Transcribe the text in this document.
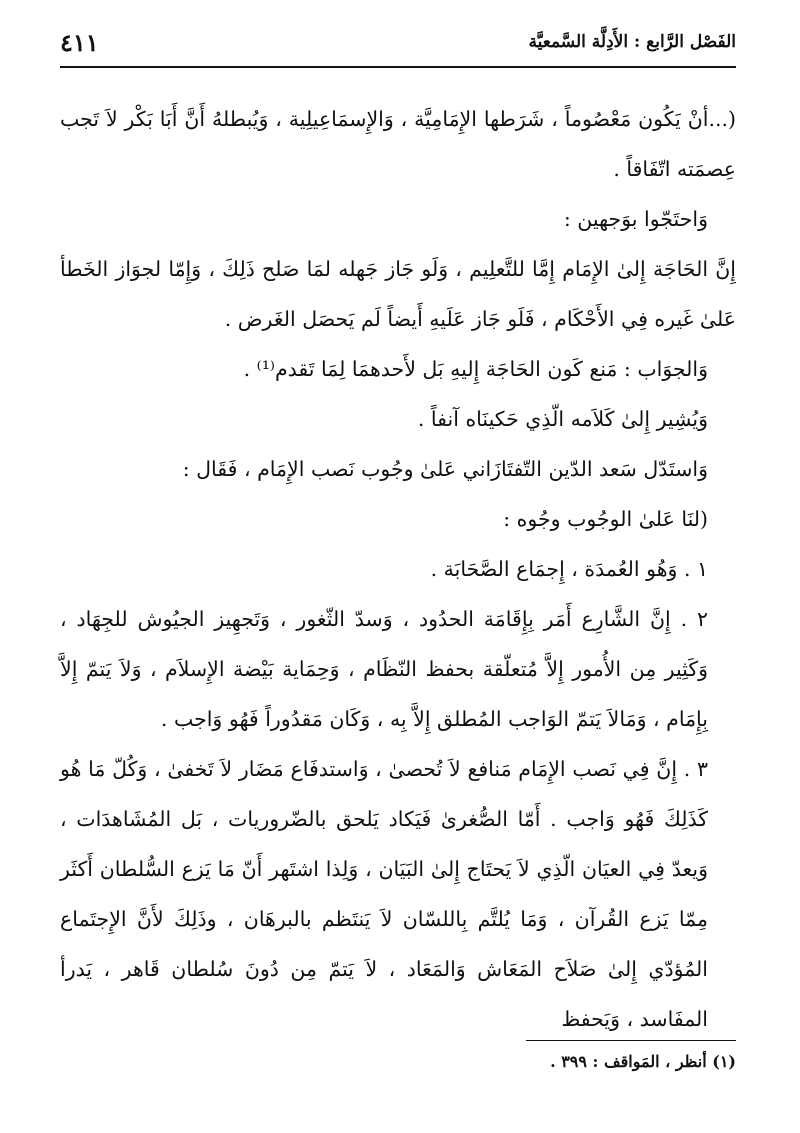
الفَصْل الرَّابع : الأَدِلَّة السَّمعيَّة
٤١١

(...أنْ يَكُون مَعْصُوماً ، شَرَطها الإِمَامِيَّة ، وَالإِسمَاعِيلِية ، وَيُبطلهُ أَنَّ أَبَا بَكْر لاَ تَجب عِصمَته اتّفَاقاً .

وَاحتَجّوا بوَجهين :

إِنَّ الحَاجَة إِلىٰ الإِمَام إِمَّا للتَّعلِيم ، وَلَو جَاز جَهله لمَا صَلح ذَلِكَ ، وَإِمّا لجوَاز الخَطأ عَلىٰ غَيره فِي الأَحْكَام ، فَلَو جَاز عَلَيهِ أَيضاً لَم يَحصَل الغَرض .

وَالجوَاب : مَنع كَون الحَاجَة إِليهِ بَل لأَحدهمَا لِمَا تَقدم⁽¹⁾ .

وَيُشِير إِلىٰ كَلاَمه الّذِي حَكينَاه آنفاً .

وَاستَدّل سَعد الدّين التّفتَازَاني عَلىٰ وجُوب نَصب الإِمَام ، فَقَال :

(لنَا عَلىٰ الوجُوب وجُوه :

١ . وَهُو العُمدَة ، إِجمَاع الصَّحَابَة .

٢ . إِنَّ الشَّارِع أَمَر بِإِقَامَة الحدُود ، وَسدّ الثّغور ، وَتَجهِيز الجيُوش للجِهَاد ، وَكَثِير مِن الأُمور إِلاَّ مُتعلّقة بحفظ النّظَام ، وَحِمَاية بَيْضة الإِسلاَم ، وَلاَ يَتمّ إِلاَّ بِإِمَام ، وَمَالاَ يَتمّ الوَاجب المُطلق إِلاَّ بِه ، وَكَان مَقدُوراً فَهُو وَاجب .

٣ . إِنَّ فِي نَصب الإِمَام مَنافع لاَ تُحصىٰ ، وَاستدفَاع مَضَار لاَ تَخفىٰ ، وَكُلّ مَا هُو كَذَلِكَ فَهُو وَاجب . أَمّا الصُّغرىٰ فَيَكاد يَلحق بالضّروريات ، بَل المُشَاهدَات ، وَيعدّ فِي العيَان الّذِي لاَ يَحتَاج إِلىٰ البَيَان ، وَلِذا اشتَهر أَنّ مَا يَزع السُّلطان أَكثَر مِمّا يَزع القُرآن ، وَمَا يُلتَّم بِاللسّان لاَ يَنتَظم بالبرهَان ، وذَلِكَ لأَنَّ الإِجتَماع المُؤدّي إِلىٰ صَلاَح المَعَاش وَالمَعَاد ، لاَ يَتمّ مِن دُونَ سُلطان قَاهر ، يَدرأ المفَاسد ، وَيَحفظ

(١) أنظر ، المَواقف : ٣٩٩ .
